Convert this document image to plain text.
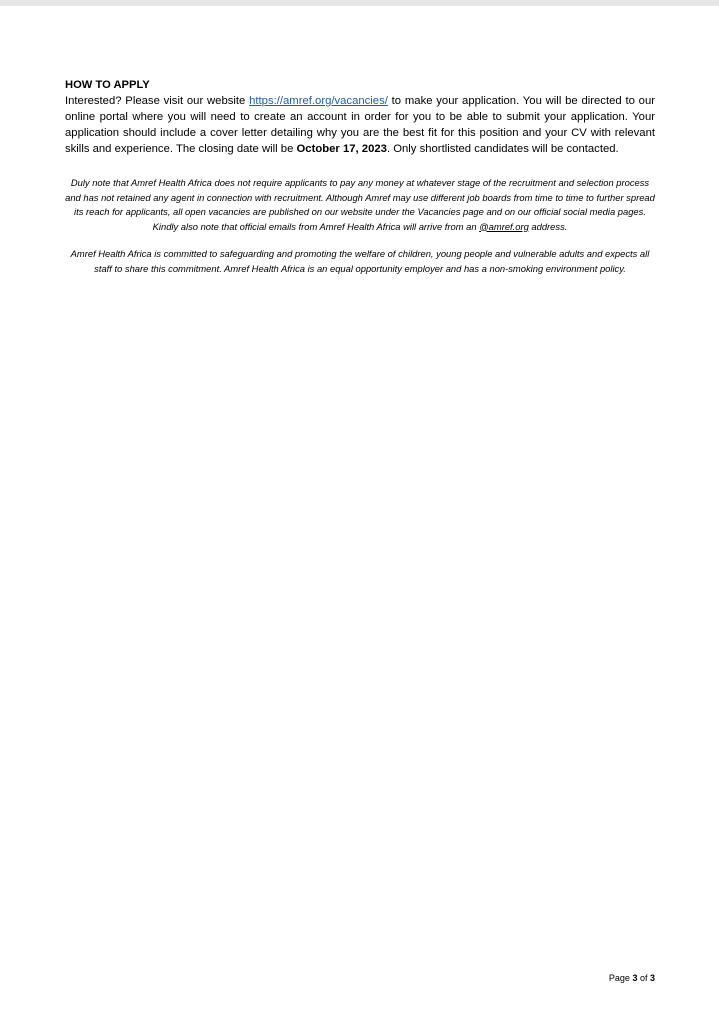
HOW TO APPLY

Interested? Please visit our website https://amref.org/vacancies/ to make your application. You will be directed to our online portal where you will need to create an account in order for you to be able to submit your application. Your application should include a cover letter detailing why you are the best fit for this position and your CV with relevant skills and experience. The closing date will be October 17, 2023. Only shortlisted candidates will be contacted.

Duly note that Amref Health Africa does not require applicants to pay any money at whatever stage of the recruitment and selection process and has not retained any agent in connection with recruitment. Although Amref may use different job boards from time to time to further spread its reach for applicants, all open vacancies are published on our website under the Vacancies page and on our official social media pages. Kindly also note that official emails from Amref Health Africa will arrive from an @amref.org address.

Amref Health Africa is committed to safeguarding and promoting the welfare of children, young people and vulnerable adults and expects all staff to share this commitment. Amref Health Africa is an equal opportunity employer and has a non-smoking environment policy.

Page 3 of 3
